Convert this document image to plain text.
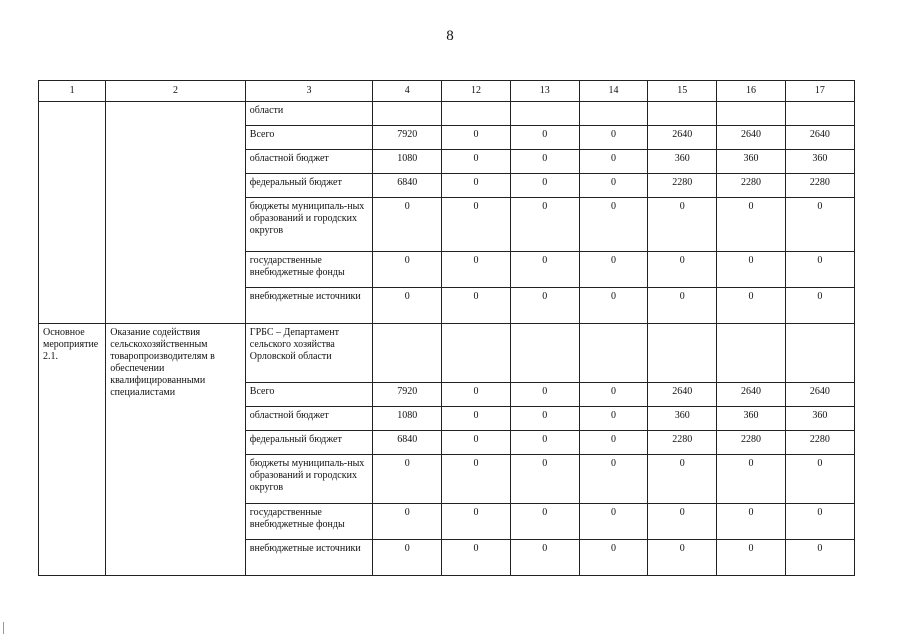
8
1	2	3	4	12	13	14	15	16	17
		области							
		Всего	7920	0	0	0	2640	2640	2640
		областной бюджет	1080	0	0	0	360	360	360
		федеральный бюджет	6840	0	0	0	2280	2280	2280
		бюджеты муниципаль-ных образований и городских округов	0	0	0	0	0	0	0
		государственные внебюджетные фонды	0	0	0	0	0	0	0
		внебюджетные источники	0	0	0	0	0	0	0
Основное мероприятие 2.1.	Оказание содействия сельскохозяйственным товаропроизводителям в обеспечении квалифицированными специалистами	ГРБС – Департамент сельского хозяйства Орловской области							
		Всего	7920	0	0	0	2640	2640	2640
		областной бюджет	1080	0	0	0	360	360	360
		федеральный бюджет	6840	0	0	0	2280	2280	2280
		бюджеты муниципаль-ных образований и городских округов	0	0	0	0	0	0	0
		государственные внебюджетные фонды	0	0	0	0	0	0	0
		внебюджетные источники	0	0	0	0	0	0	0
